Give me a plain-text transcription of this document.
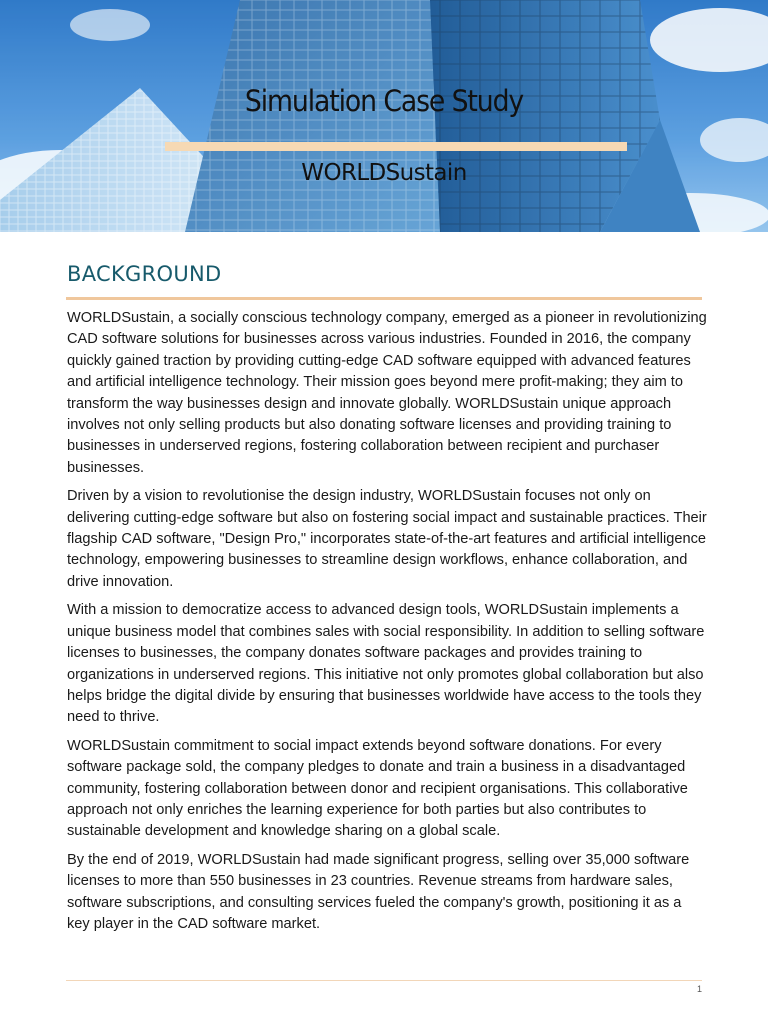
Simulation Case Study
WORLDSustain
BACKGROUND

WORLDSustain, a socially conscious technology company, emerged as a pioneer in revolutionizing CAD software solutions for businesses across various industries. Founded in 2016, the company quickly gained traction by providing cutting-edge CAD software equipped with advanced features and artificial intelligence technology. Their mission goes beyond mere profit-making; they aim to transform the way businesses design and innovate globally. WORLDSustain unique approach involves not only selling products but also donating software licenses and providing training to businesses in underserved regions, fostering collaboration between recipient and purchaser businesses.

Driven by a vision to revolutionise the design industry, WORLDSustain focuses not only on delivering cutting-edge software but also on fostering social impact and sustainable practices. Their flagship CAD software, "Design Pro," incorporates state-of-the-art features and artificial intelligence technology, empowering businesses to streamline design workflows, enhance collaboration, and drive innovation.

With a mission to democratize access to advanced design tools, WORLDSustain implements a unique business model that combines sales with social responsibility. In addition to selling software licenses to businesses, the company donates software packages and provides training to organizations in underserved regions. This initiative not only promotes global collaboration but also helps bridge the digital divide by ensuring that businesses worldwide have access to the tools they need to thrive.

WORLDSustain commitment to social impact extends beyond software donations. For every software package sold, the company pledges to donate and train a business in a disadvantaged community, fostering collaboration between donor and recipient organisations. This collaborative approach not only enriches the learning experience for both parties but also contributes to sustainable development and knowledge sharing on a global scale.

By the end of 2019, WORLDSustain had made significant progress, selling over 35,000 software licenses to more than 550 businesses in 23 countries. Revenue streams from hardware sales, software subscriptions, and consulting services fueled the company's growth, positioning it as a key player in the CAD software market.

1
